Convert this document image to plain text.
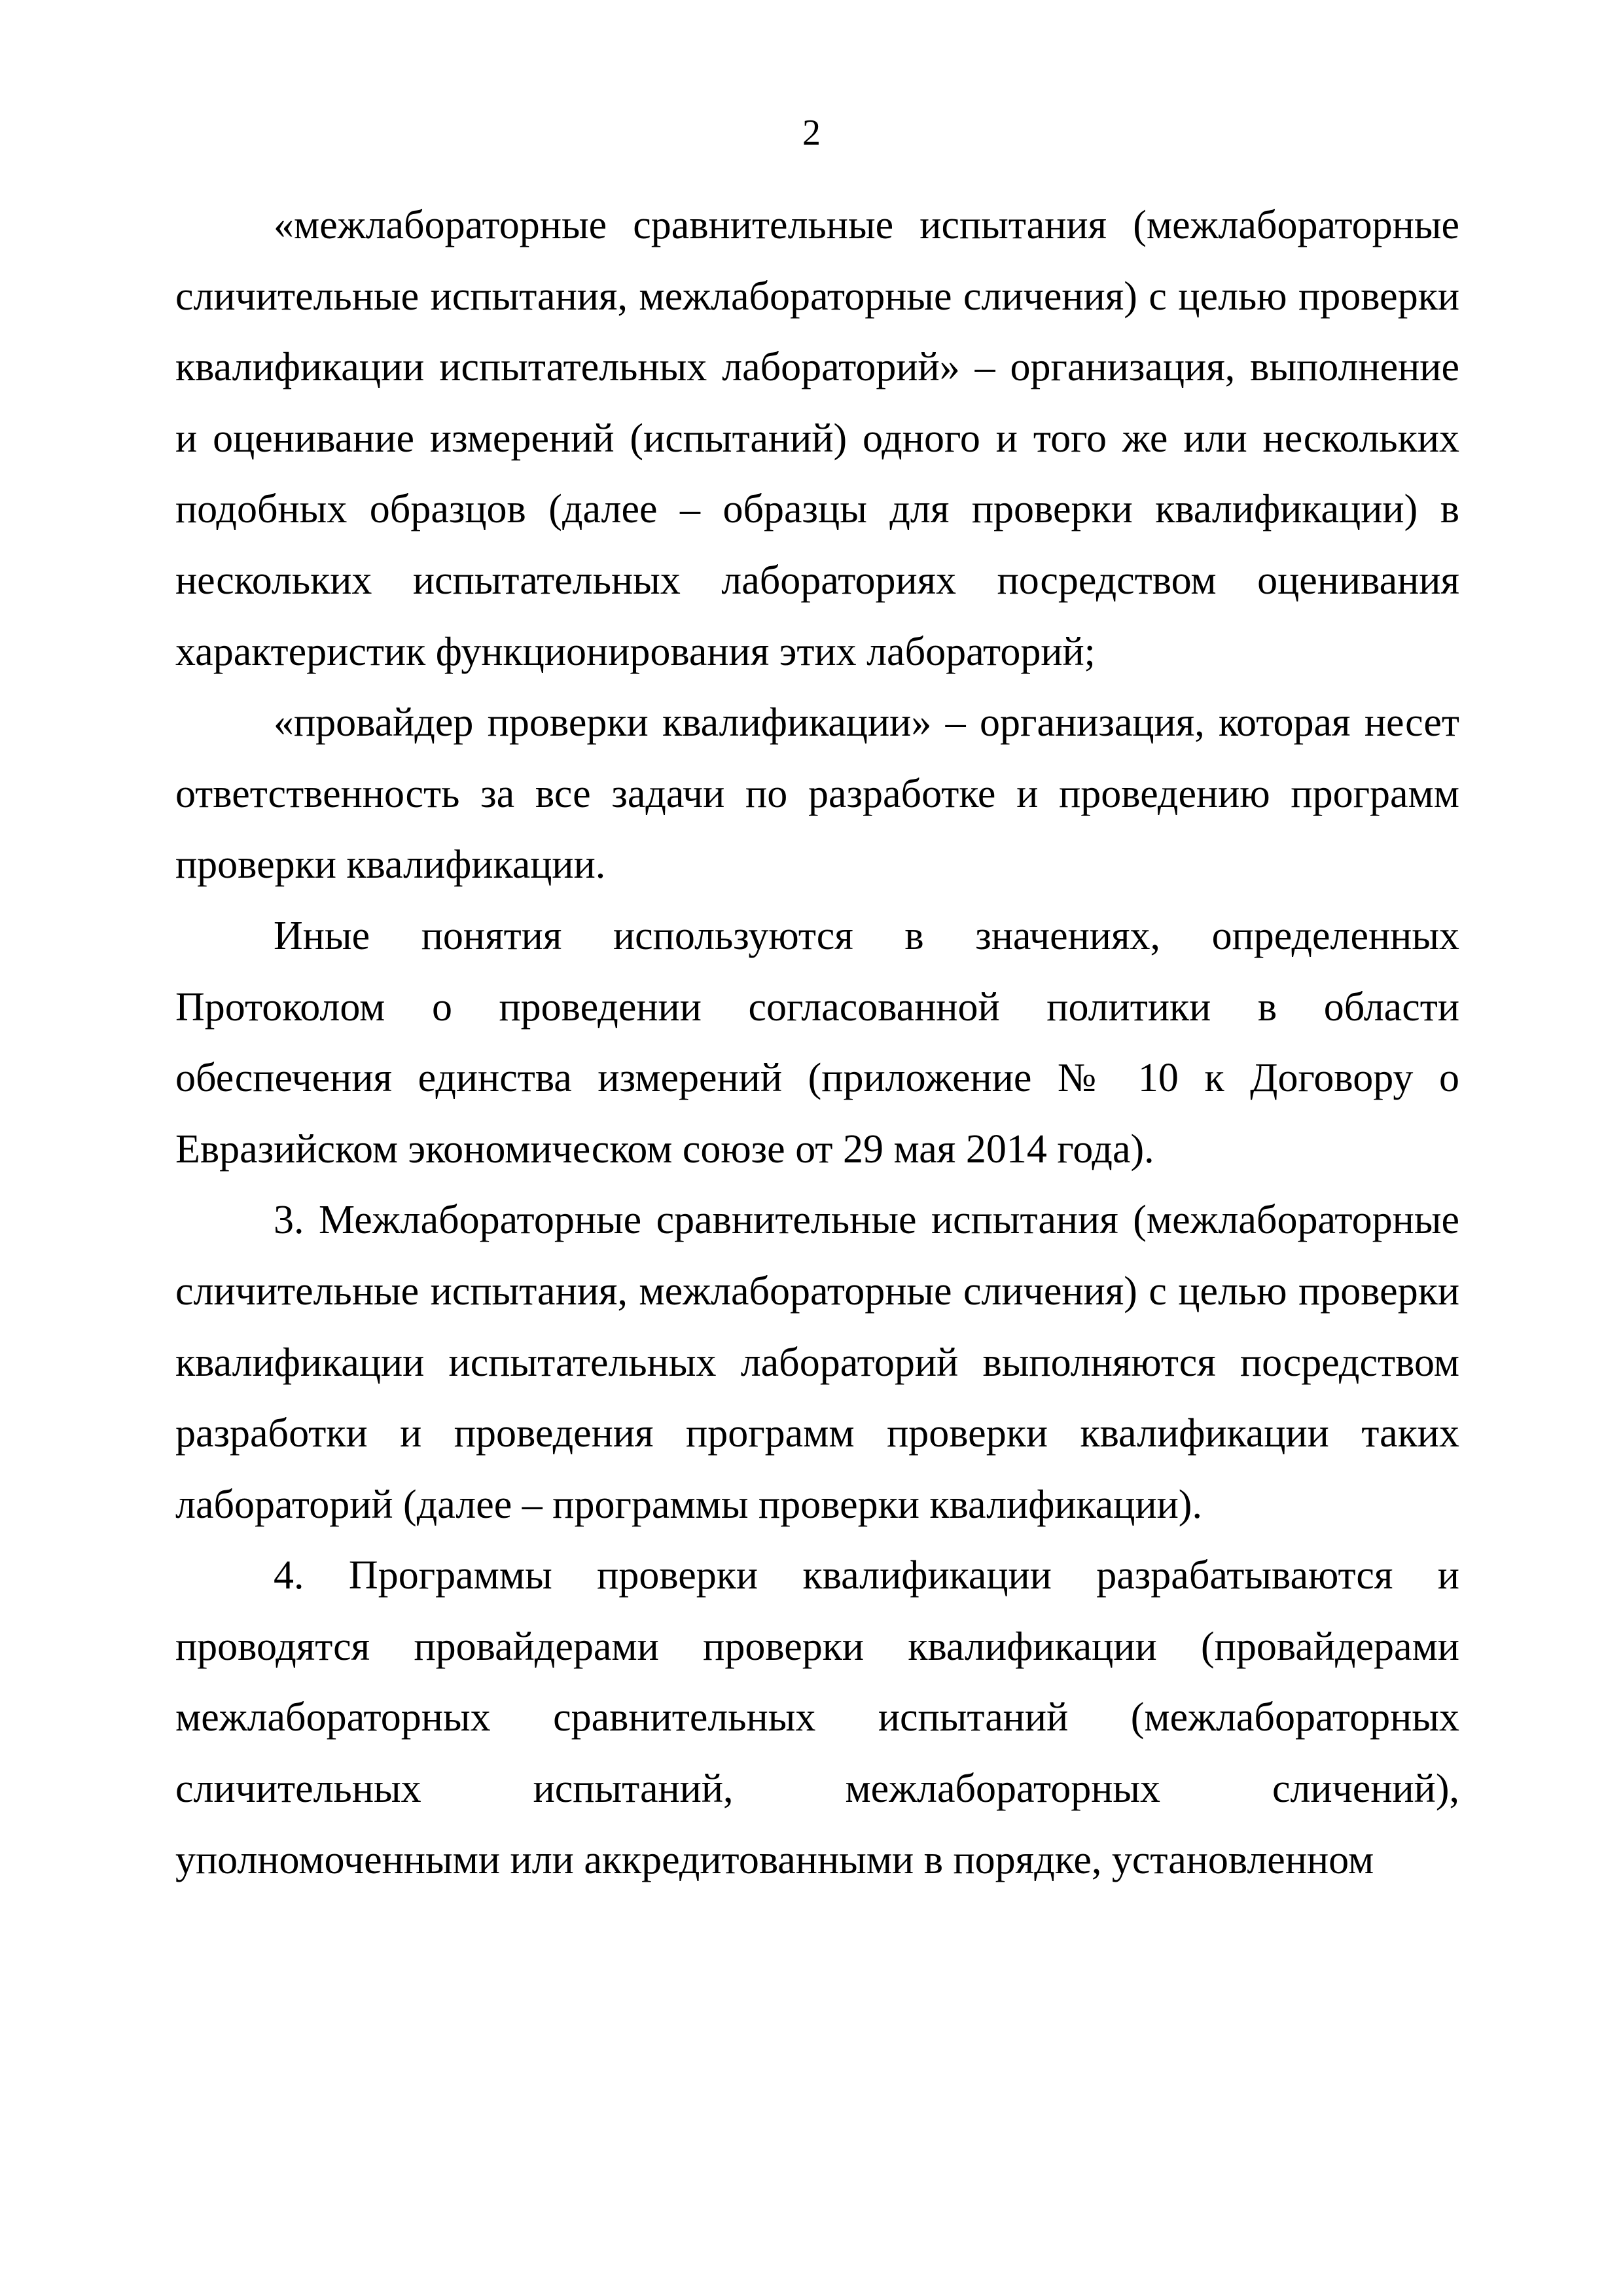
2

«межлабораторные сравнительные испытания (межлабораторные сличительные испытания, межлабораторные сличения) с целью проверки квалификации испытательных лабораторий» – организация, выполнение и оценивание измерений (испытаний) одного и того же или нескольких подобных образцов (далее – образцы для проверки квалификации) в нескольких испытательных лабораториях посредством оценивания характеристик функционирования этих лабораторий;

«провайдер проверки квалификации» – организация, которая несет ответственность за все задачи по разработке и проведению программ проверки квалификации.

Иные понятия используются в значениях, определенных Протоколом о проведении согласованной политики в области обеспечения единства измерений (приложение № 10 к Договору о Евразийском экономическом союзе от 29 мая 2014 года).

3. Межлабораторные сравнительные испытания (межлабораторные сличительные испытания, межлабораторные сличения) с целью проверки квалификации испытательных лабораторий выполняются посредством разработки и проведения программ проверки квалификации таких лабораторий (далее – программы проверки квалификации).

4. Программы проверки квалификации разрабатываются и проводятся провайдерами проверки квалификации (провайдерами межлабораторных сравнительных испытаний (межлабораторных сличительных испытаний, межлабораторных сличений), уполномоченными или аккредитованными в порядке, установленном
